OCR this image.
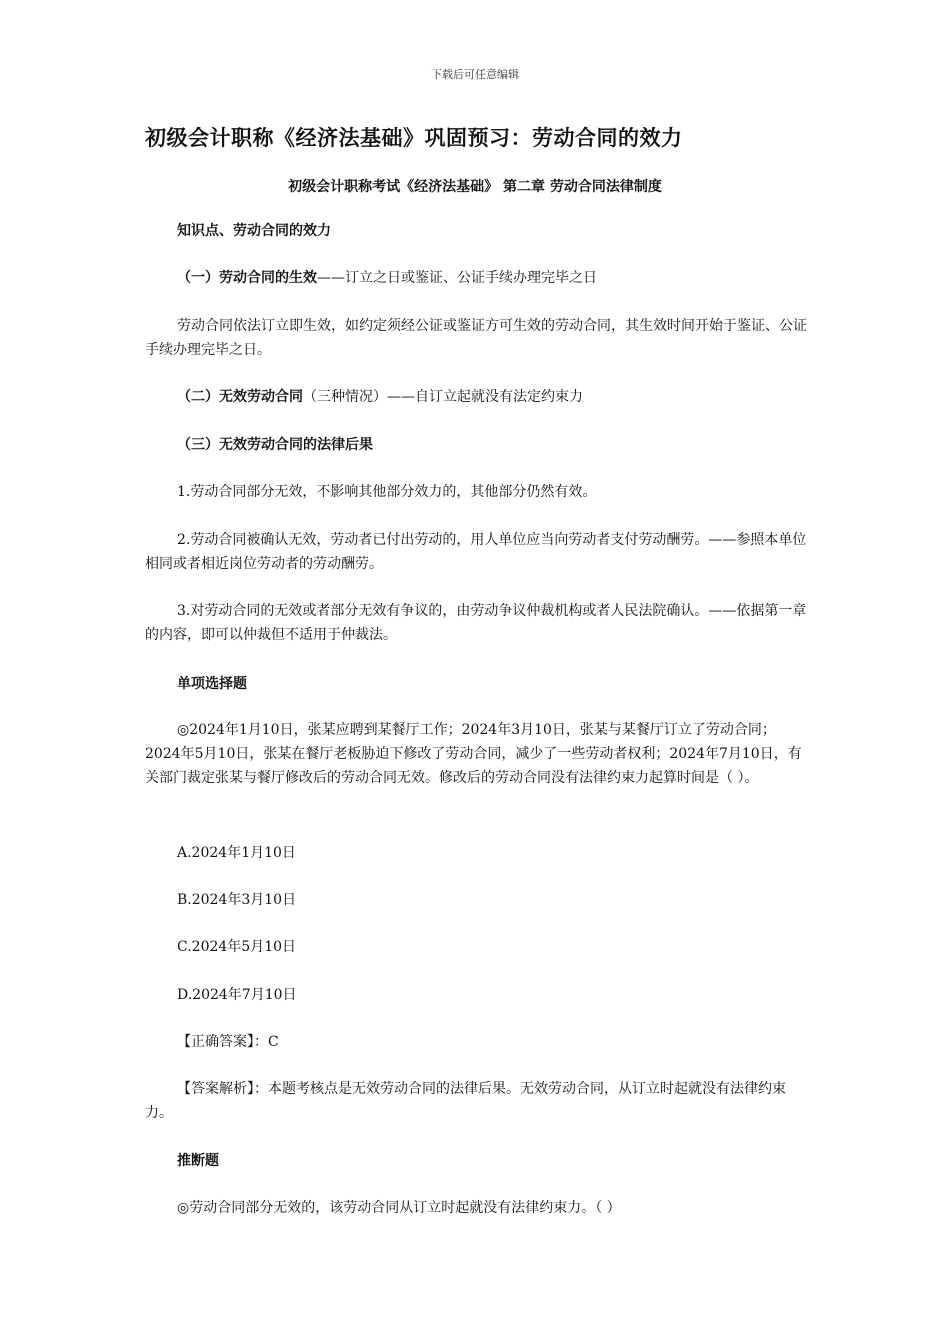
下载后可任意编辑
初级会计职称《经济法基础》巩固预习：劳动合同的效力
初级会计职称考试《经济法基础》 第二章 劳动合同法律制度

知识点、劳动合同的效力

（一）劳动合同的生效——订立之日或鉴证、公证手续办理完毕之日

劳动合同依法订立即生效，如约定须经公证或鉴证方可生效的劳动合同，其生效时间开始于鉴证、公证手续办理完毕之日。

（二）无效劳动合同（三种情况）——自订立起就没有法定约束力

（三）无效劳动合同的法律后果

1.劳动合同部分无效，不影响其他部分效力的，其他部分仍然有效。

2.劳动合同被确认无效，劳动者已付出劳动的，用人单位应当向劳动者支付劳动酬劳。——参照本单位相同或者相近岗位劳动者的劳动酬劳。

3.对劳动合同的无效或者部分无效有争议的，由劳动争议仲裁机构或者人民法院确认。——依据第一章的内容，即可以仲裁但不适用于仲裁法。

单项选择题

◎2024年1月10日，张某应聘到某餐厅工作；2024年3月10日，张某与某餐厅订立了劳动合同；2024年5月10日，张某在餐厅老板胁迫下修改了劳动合同，减少了一些劳动者权利；2024年7月10日，有关部门裁定张某与餐厅修改后的劳动合同无效。修改后的劳动合同没有法律约束力起算时间是（ ）。

A.2024年1月10日

B.2024年3月10日

C.2024年5月10日

D.2024年7月10日

【正确答案】：C

【答案解析】：本题考核点是无效劳动合同的法律后果。无效劳动合同，从订立时起就没有法律约束力。

推断题

◎劳动合同部分无效的，该劳动合同从订立时起就没有法律约束力。（ ）
